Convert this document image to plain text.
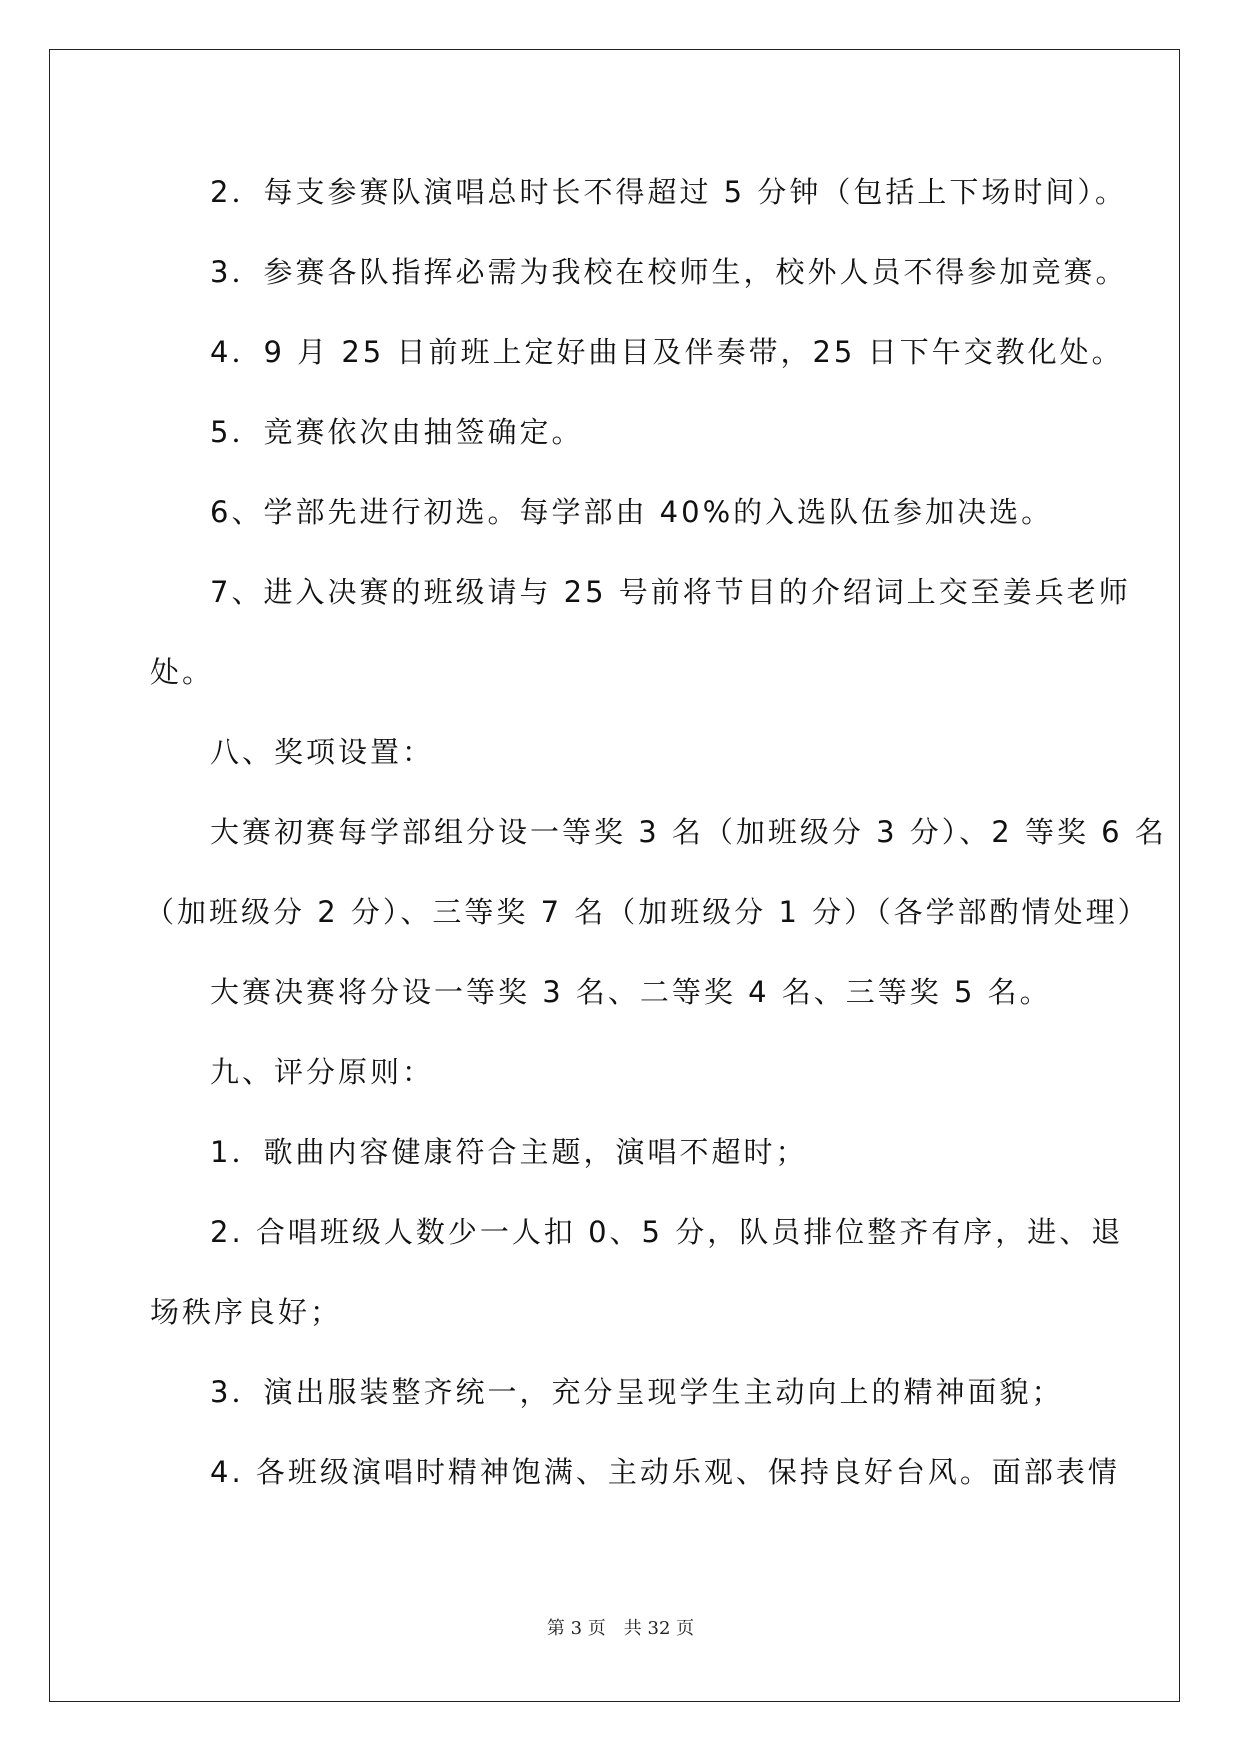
2．每支参赛队演唱总时长不得超过 5 分钟（包括上下场时间）。
3．参赛各队指挥必需为我校在校师生，校外人员不得参加竞赛。
4．9 月 25 日前班上定好曲目及伴奏带，25 日下午交教化处。
5．竞赛依次由抽签确定。
6、学部先进行初选。每学部由 40%的入选队伍参加决选。
7、进入决赛的班级请与 25 号前将节目的介绍词上交至姜兵老师
处。
八、奖项设置：
大赛初赛每学部组分设一等奖 3 名（加班级分 3 分）、2 等奖 6 名
（加班级分 2 分）、三等奖 7 名（加班级分 1 分）（各学部酌情处理）
大赛决赛将分设一等奖 3 名、二等奖 4 名、三等奖 5 名。
九、评分原则：
1．歌曲内容健康符合主题，演唱不超时；
2. 合唱班级人数少一人扣 0、5 分，队员排位整齐有序，进、退
场秩序良好；
3．演出服装整齐统一，充分呈现学生主动向上的精神面貌；
4. 各班级演唱时精神饱满、主动乐观、保持良好台风。面部表情
第 3 页　共 32 页
